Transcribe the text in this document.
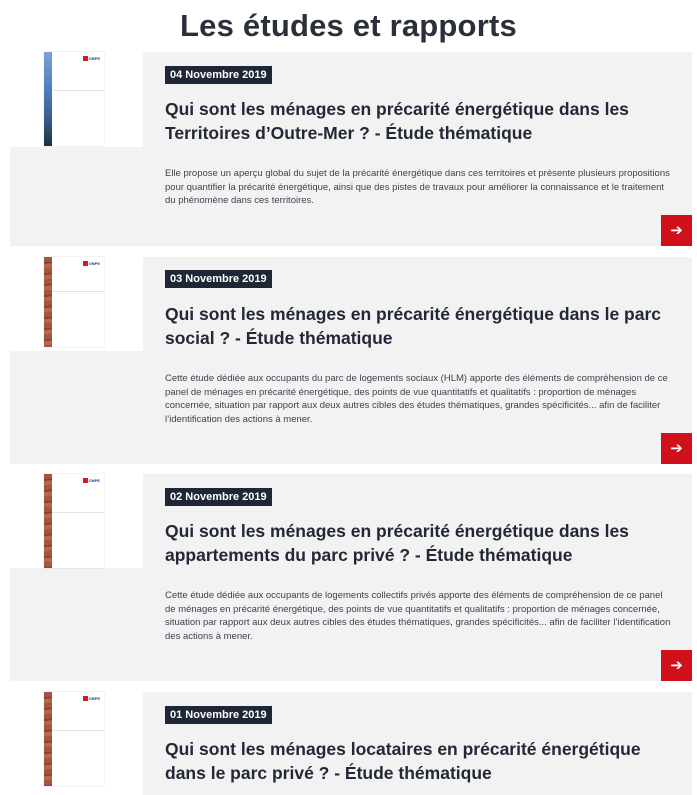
Les études et rapports
ONPE

04 Novembre 2019
Qui sont les ménages en précarité énergétique dans les Territoires d’Outre-Mer ? - Étude thématique
Elle propose un aperçu global du sujet de la précarité énergétique dans ces territoires et présente plusieurs propositions pour quantifier la précarité énergétique, ainsi que des pistes de travaux pour améliorer la connaissance et le traitement du phénomène dans ces territoires.
➔
ONPE

03 Novembre 2019
Qui sont les ménages en précarité énergétique dans le parc social ? - Étude thématique
Cette étude dédiée aux occupants du parc de logements sociaux (HLM) apporte des éléments de compréhension de ce panel de ménages en précarité énergétique, des points de vue quantitatifs et qualitatifs : proportion de ménages concernée, situation par rapport aux deux autres cibles des études thématiques, grandes spécificités... afin de faciliter l’identification des actions à mener.
➔
ONPE

02 Novembre 2019
Qui sont les ménages en précarité énergétique dans les appartements du parc privé ? - Étude thématique
Cette étude dédiée aux occupants de logements collectifs privés apporte des éléments de compréhension de ce panel de ménages en précarité énergétique, des points de vue quantitatifs et qualitatifs : proportion de ménages concernée, situation par rapport aux deux autres cibles des études thématiques, grandes spécificités... afin de faciliter l’identification des actions à mener.
➔
ONPE

01 Novembre 2019
Qui sont les ménages locataires en précarité énergétique dans le parc privé ? - Étude thématique
